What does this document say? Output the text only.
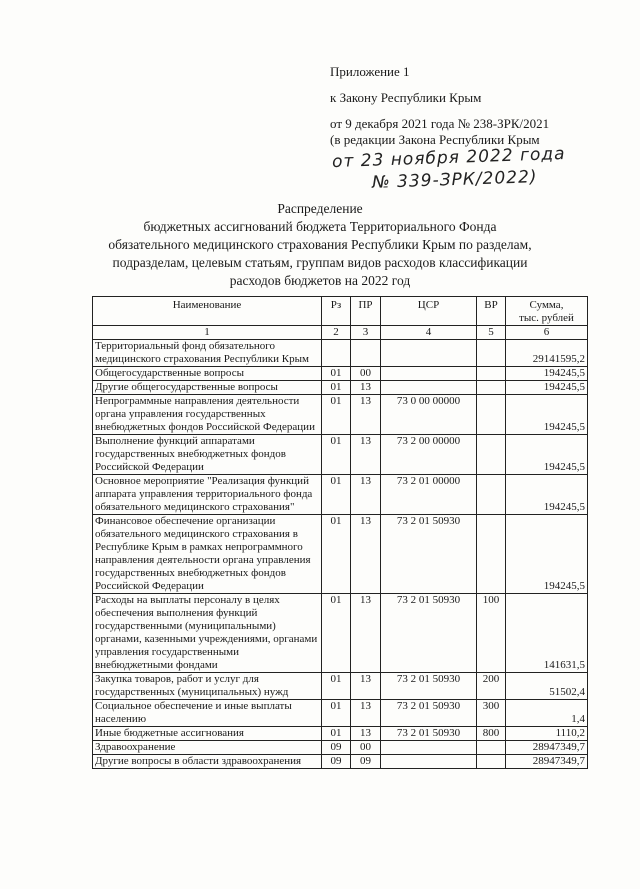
Приложение 1
к Закону Республики Крым
от 9 декабря 2021 года № 238-ЗРК/2021
(в редакции Закона Республики Крым
от 23 ноября 2022 года
№ 339-ЗРК/2022)
Распределение
бюджетных ассигнований бюджета Территориального Фонда
обязательного медицинского страхования Республики Крым по разделам,
подразделам, целевым статьям, группам видов расходов классификации
расходов бюджетов на 2022 год
Наименование	Рз	ПР	ЦСР	ВР	Сумма,
тыс. рублей
1	2	3	4	5	6
Территориальный фонд обязательного медицинского страхования Республики Крым					29141595,2
Общегосударственные вопросы	01	00			194245,5
Другие общегосударственные вопросы	01	13			194245,5
Непрограммные направления деятельности органа управления государственных внебюджетных фондов Российской Федерации	01	13	73 0 00 00000		194245,5
Выполнение функций аппаратами государственных внебюджетных фондов Российской Федерации	01	13	73 2 00 00000		194245,5
Основное мероприятие "Реализация функций аппарата управления территориального фонда обязательного медицинского страхования"	01	13	73 2 01 00000		194245,5
Финансовое обеспечение организации обязательного медицинского страхования в Республике Крым в рамках непрограммного направления деятельности органа управления государственных внебюджетных фондов Российской Федерации	01	13	73 2 01 50930		194245,5
Расходы на выплаты персоналу в целях обеспечения выполнения функций государственными (муниципальными) органами, казенными учреждениями, органами управления государственными внебюджетными фондами	01	13	73 2 01 50930	100	141631,5
Закупка товаров, работ и услуг для государственных (муниципальных) нужд	01	13	73 2 01 50930	200	51502,4
Социальное обеспечение и иные выплаты населению	01	13	73 2 01 50930	300	1,4
Иные бюджетные ассигнования	01	13	73 2 01 50930	800	1110,2
Здравоохранение	09	00			28947349,7
Другие вопросы в области здравоохранения	09	09			28947349,7
